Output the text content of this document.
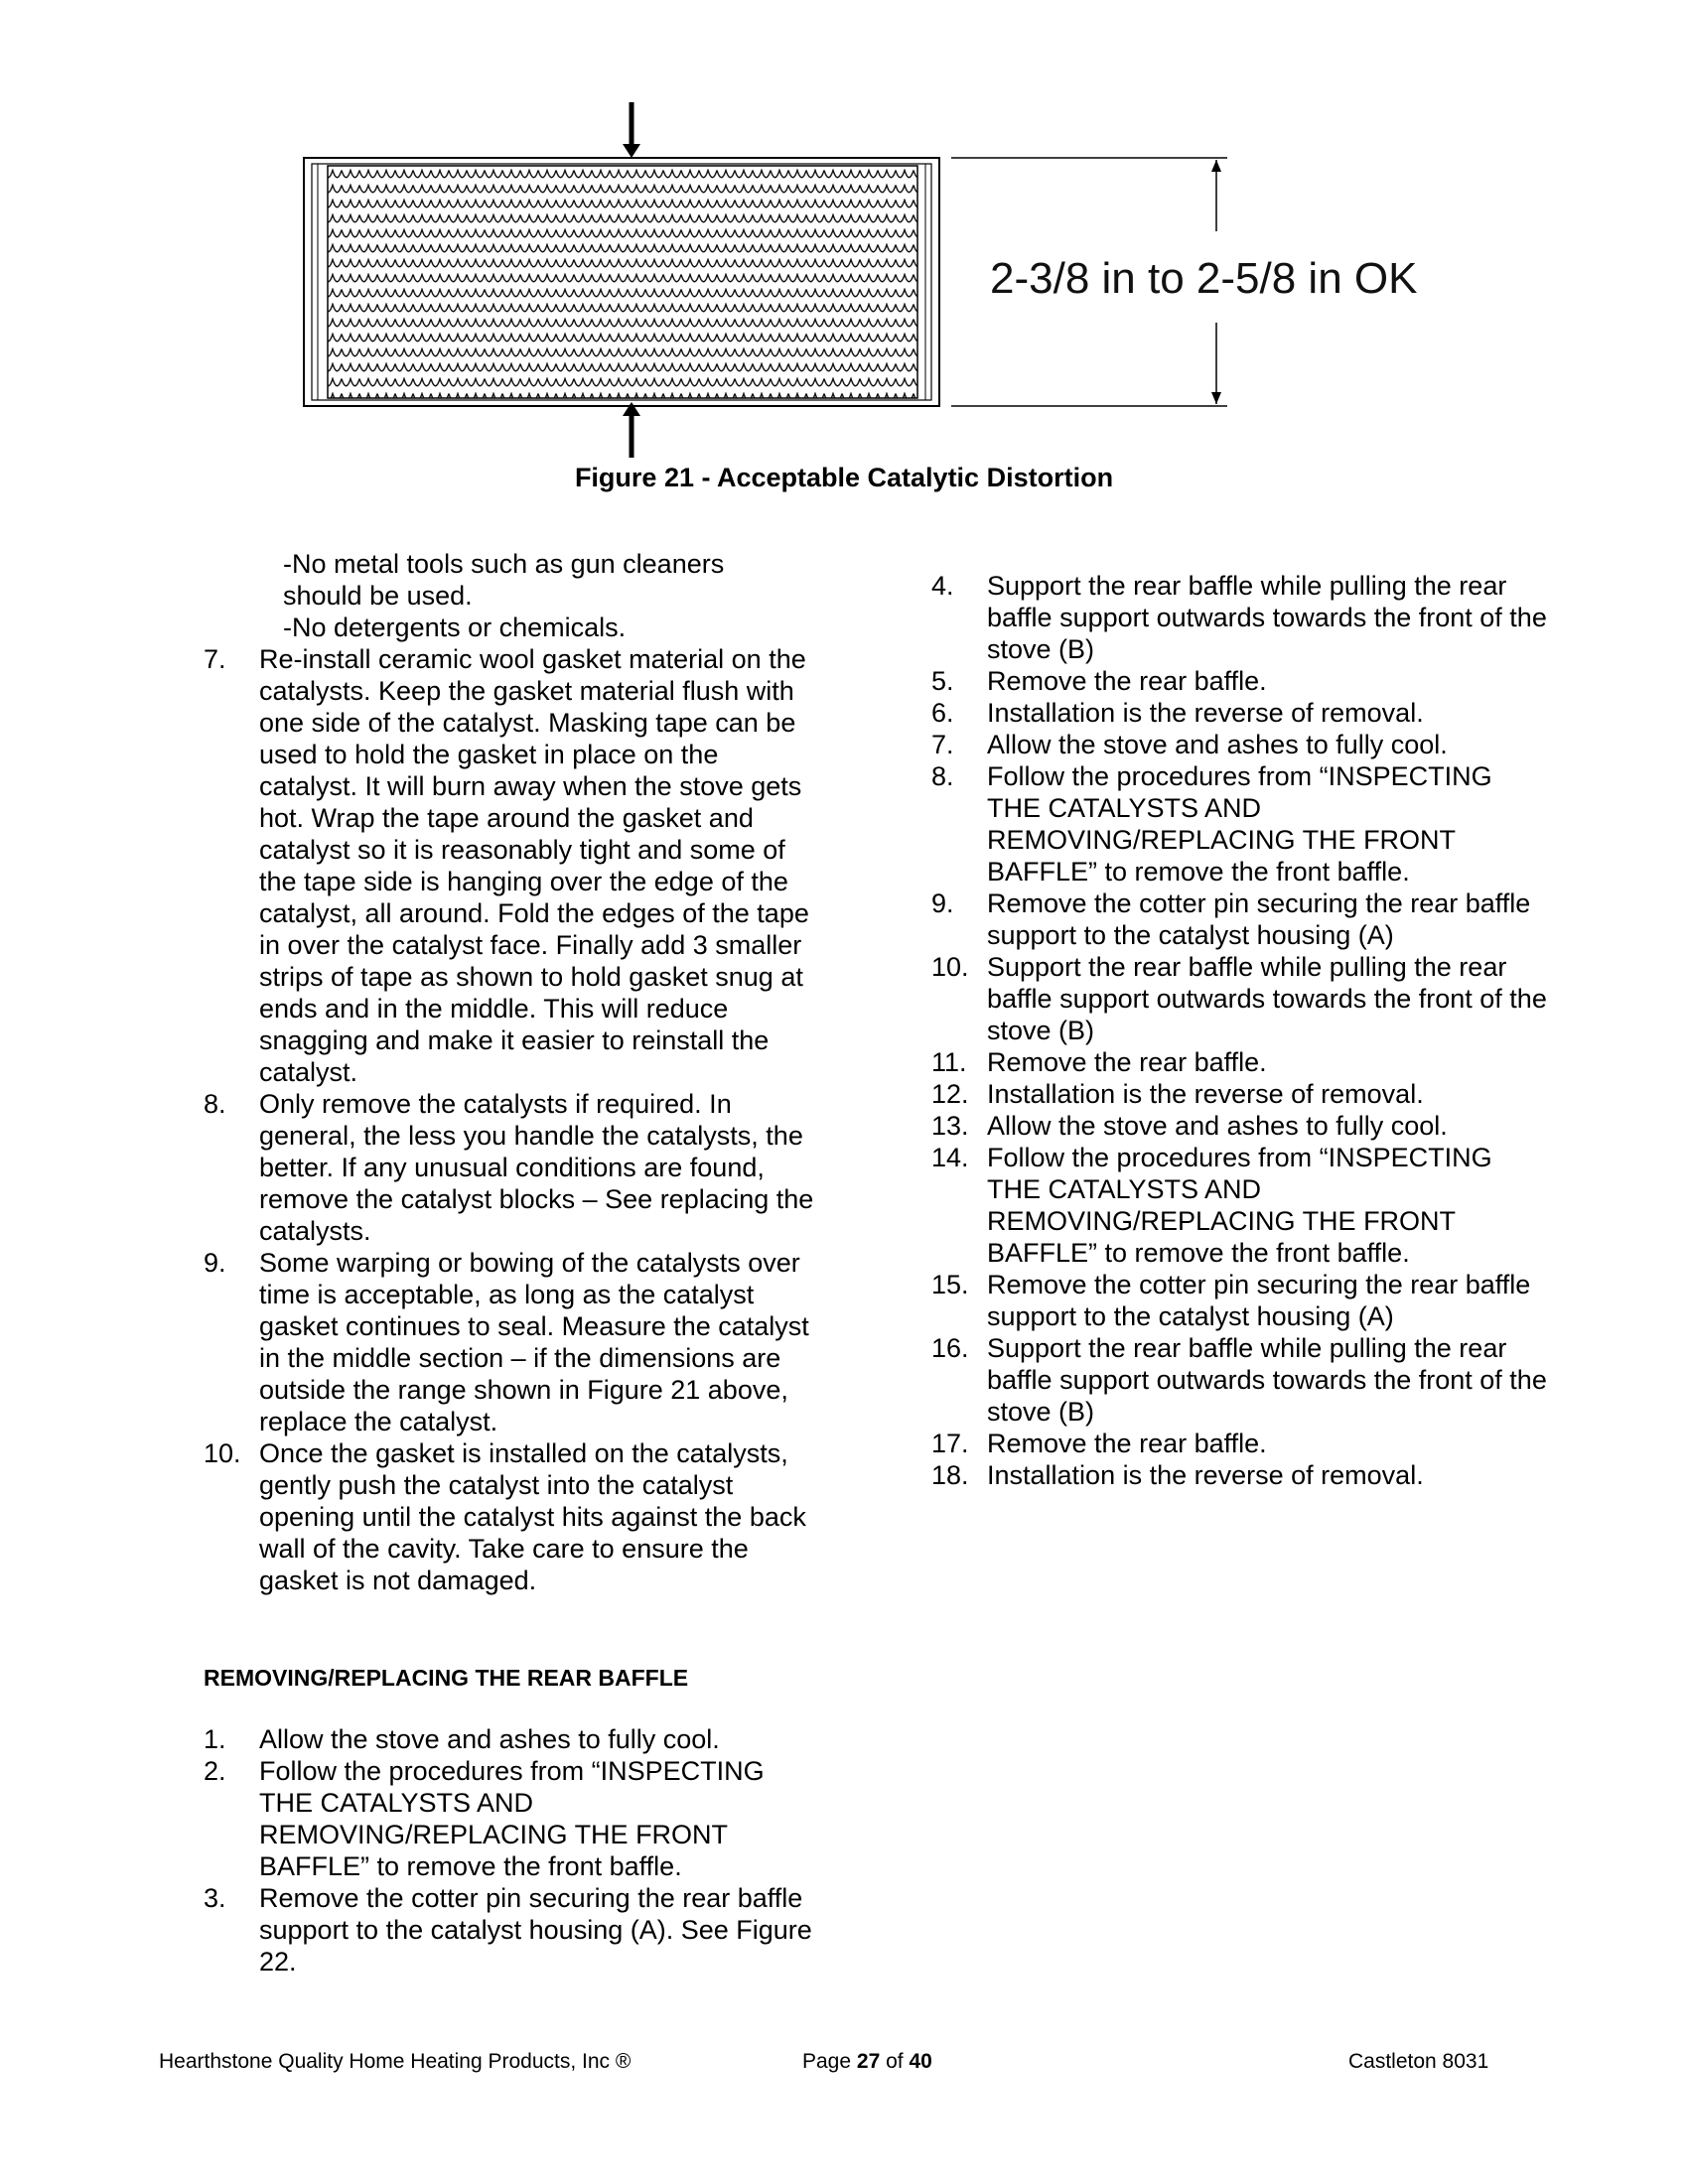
2-3/8 in to 2-5/8 in OK
Figure 21 - Acceptable Catalytic Distortion
-No metal tools such as gun cleaners
should be used.
-No detergents or chemicals.
7. Re-install ceramic wool gasket material on the catalysts. Keep the gasket material flush with one side of the catalyst. Masking tape can be used to hold the gasket in place on the catalyst. It will burn away when the stove gets hot. Wrap the tape around the gasket and catalyst so it is reasonably tight and some of the tape side is hanging over the edge of the catalyst, all around. Fold the edges of the tape in over the catalyst face. Finally add 3 smaller strips of tape as shown to hold gasket snug at ends and in the middle. This will reduce snagging and make it easier to reinstall the catalyst.
8. Only remove the catalysts if required. In general, the less you handle the catalysts, the better. If any unusual conditions are found, remove the catalyst blocks – See replacing the catalysts.
9. Some warping or bowing of the catalysts over time is acceptable, as long as the catalyst gasket continues to seal. Measure the catalyst in the middle section – if the dimensions are outside the range shown in Figure 21 above, replace the catalyst.
10. Once the gasket is installed on the catalysts, gently push the catalyst into the catalyst opening until the catalyst hits against the back wall of the cavity. Take care to ensure the gasket is not damaged.
REMOVING/REPLACING THE REAR BAFFLE
1. Allow the stove and ashes to fully cool.
2. Follow the procedures from “INSPECTING THE CATALYSTS AND REMOVING/REPLACING THE FRONT BAFFLE” to remove the front baffle.
3. Remove the cotter pin securing the rear baffle support to the catalyst housing (A). See Figure 22.
4. Support the rear baffle while pulling the rear baffle support outwards towards the front of the stove (B)
5. Remove the rear baffle.
6. Installation is the reverse of removal.
7. Allow the stove and ashes to fully cool.
8. Follow the procedures from “INSPECTING THE CATALYSTS AND REMOVING/REPLACING THE FRONT BAFFLE” to remove the front baffle.
9. Remove the cotter pin securing the rear baffle support to the catalyst housing (A)
10. Support the rear baffle while pulling the rear baffle support outwards towards the front of the stove (B)
11. Remove the rear baffle.
12. Installation is the reverse of removal.
13. Allow the stove and ashes to fully cool.
14. Follow the procedures from “INSPECTING THE CATALYSTS AND REMOVING/REPLACING THE FRONT BAFFLE” to remove the front baffle.
15. Remove the cotter pin securing the rear baffle support to the catalyst housing (A)
16. Support the rear baffle while pulling the rear baffle support outwards towards the front of the stove (B)
17. Remove the rear baffle.
18. Installation is the reverse of removal.
Hearthstone Quality Home Heating Products, Inc ®	Page 27 of 40	Castleton 8031
